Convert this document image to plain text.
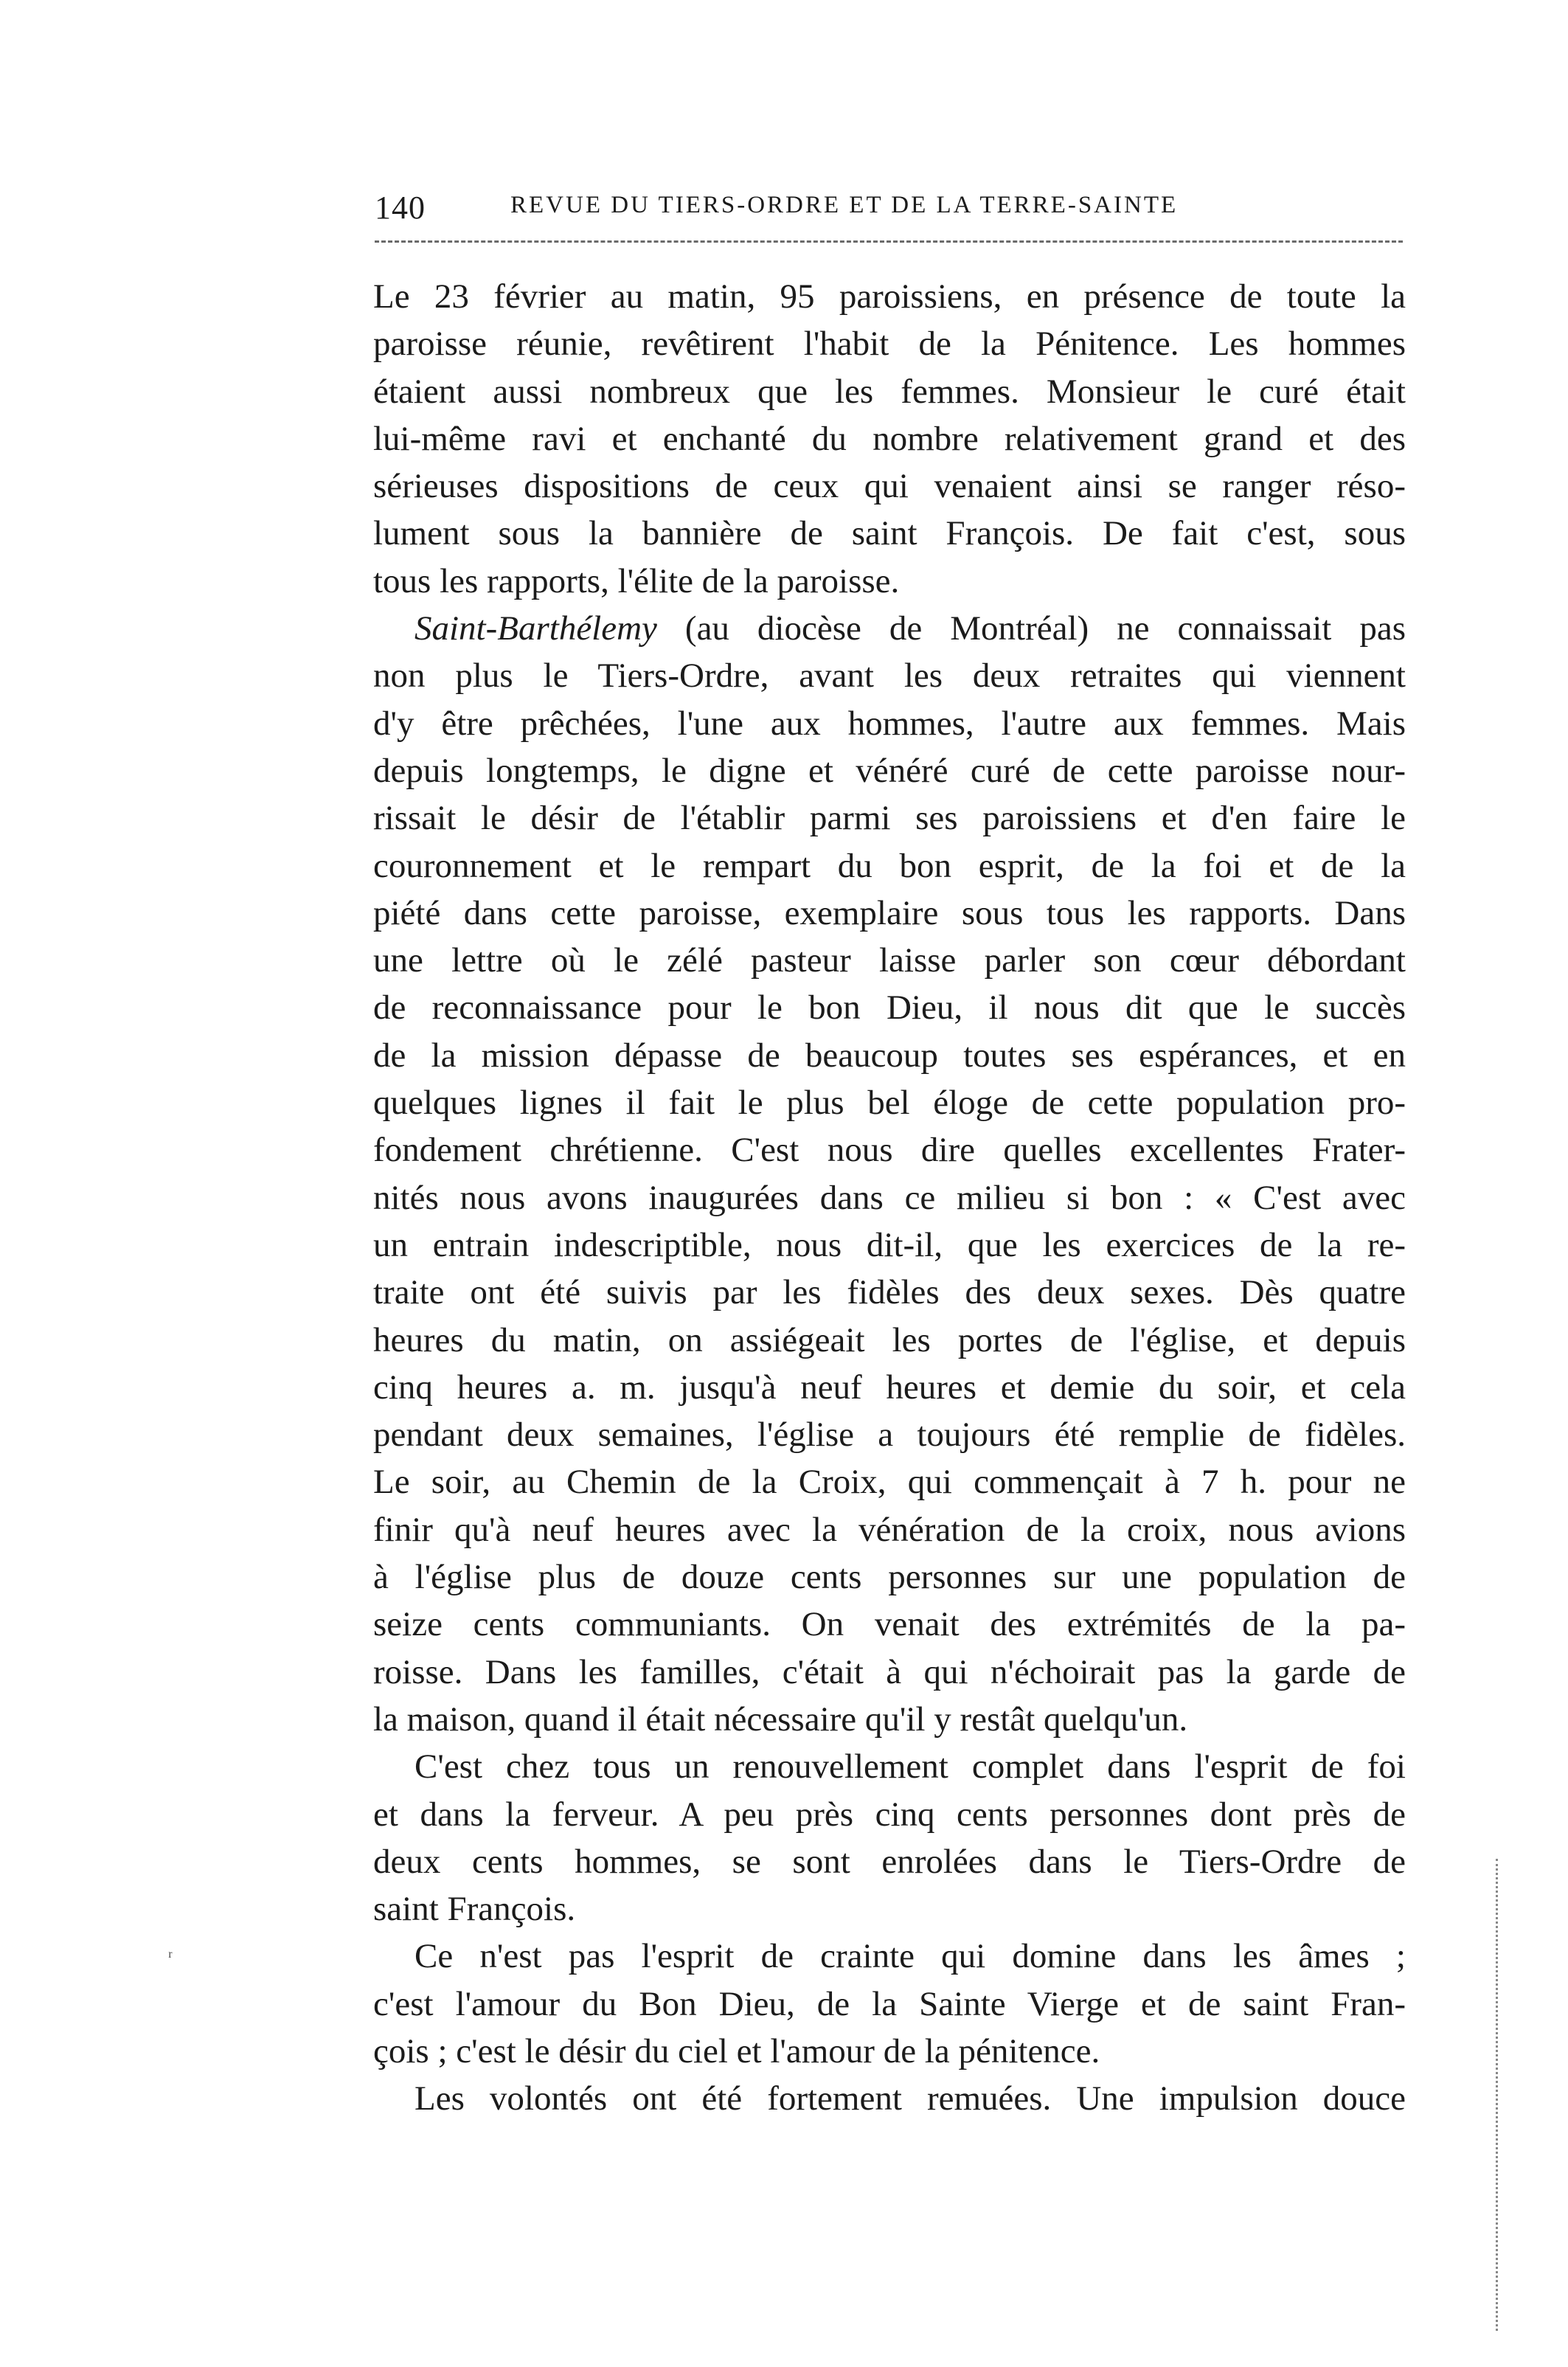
140	REVUE DU TIERS-ORDRE ET DE LA TERRE-SAINTE

Le 23 février au matin, 95 paroissiens, en présence de toute la
paroisse réunie, revêtirent l'habit de la Pénitence. Les hommes
étaient aussi nombreux que les femmes. Monsieur le curé était
lui-même ravi et enchanté du nombre relativement grand et des
sérieuses dispositions de ceux qui venaient ainsi se ranger réso-
lument sous la bannière de saint François. De fait c'est, sous
tous les rapports, l'élite de la paroisse.

Saint-Barthélemy (au diocèse de Montréal) ne connaissait pas
non plus le Tiers-Ordre, avant les deux retraites qui viennent
d'y être prêchées, l'une aux hommes, l'autre aux femmes. Mais
depuis longtemps, le digne et vénéré curé de cette paroisse nour-
rissait le désir de l'établir parmi ses paroissiens et d'en faire le
couronnement et le rempart du bon esprit, de la foi et de la
piété dans cette paroisse, exemplaire sous tous les rapports. Dans
une lettre où le zélé pasteur laisse parler son cœur débordant
de reconnaissance pour le bon Dieu, il nous dit que le succès
de la mission dépasse de beaucoup toutes ses espérances, et en
quelques lignes il fait le plus bel éloge de cette population pro-
fondement chrétienne. C'est nous dire quelles excellentes Frater-
nités nous avons inaugurées dans ce milieu si bon : « C'est avec
un entrain indescriptible, nous dit-il, que les exercices de la re-
traite ont été suivis par les fidèles des deux sexes. Dès quatre
heures du matin, on assiégeait les portes de l'église, et depuis
cinq heures a. m. jusqu'à neuf heures et demie du soir, et cela
pendant deux semaines, l'église a toujours été remplie de fidèles.
Le soir, au Chemin de la Croix, qui commençait à 7 h. pour ne
finir qu'à neuf heures avec la vénération de la croix, nous avions
à l'église plus de douze cents personnes sur une population de
seize cents communiants. On venait des extrémités de la pa-
roisse. Dans les familles, c'était à qui n'échoirait pas la garde de
la maison, quand il était nécessaire qu'il y restât quelqu'un.

C'est chez tous un renouvellement complet dans l'esprit de foi
et dans la ferveur. A peu près cinq cents personnes dont près de
deux cents hommes, se sont enrolées dans le Tiers-Ordre de
saint François.

Ce n'est pas l'esprit de crainte qui domine dans les âmes ;
c'est l'amour du Bon Dieu, de la Sainte Vierge et de saint Fran-
çois ; c'est le désir du ciel et l'amour de la pénitence.

Les volontés ont été fortement remuées. Une impulsion douce

ʳ
